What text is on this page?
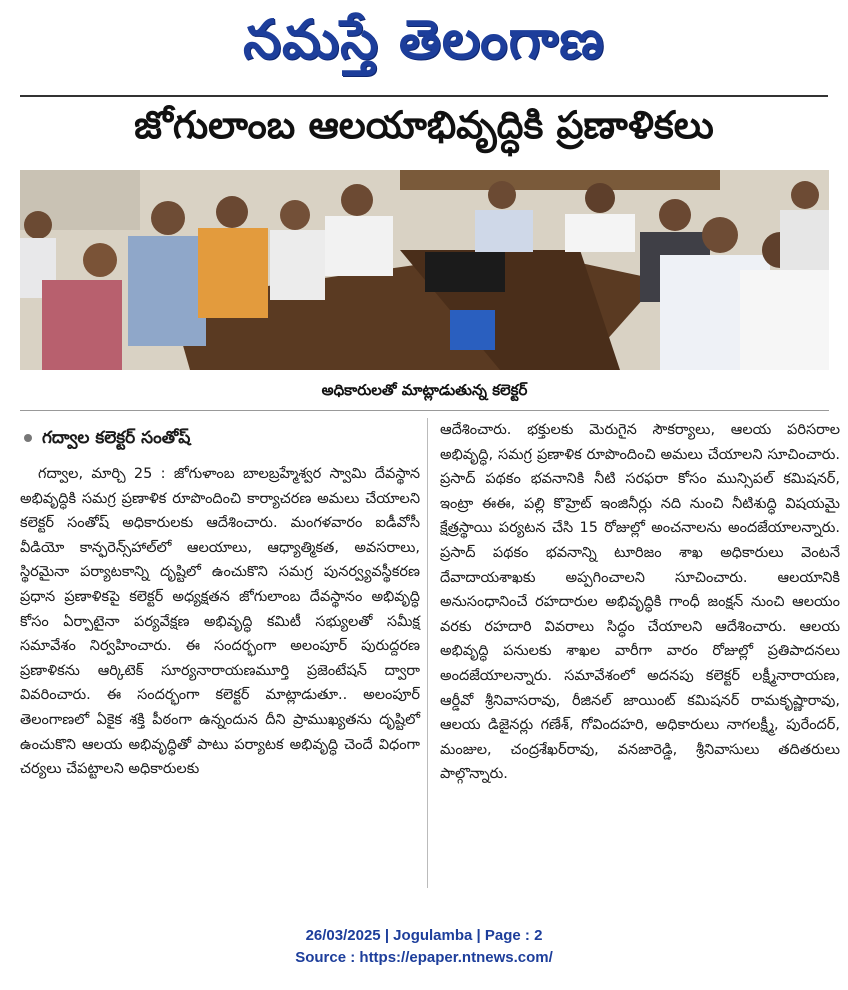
నమస్తే తెలంగాణ
జోగులాంబ ఆలయాభివృద్ధికి ప్రణాళికలు
అధికారులతో మాట్లాడుతున్న కలెక్టర్
గద్వాల కలెక్టర్ సంతోష్

గద్వాల, మార్చి 25 : జోగుళాంబ బాలబ్రహ్మేశ్వర స్వామి దేవస్థాన అభివృద్ధికి సమగ్ర ప్రణాళిక రూపొందించి కార్యాచరణ అమలు చేయాలని కలెక్టర్ సంతోష్ అధికారులకు ఆదేశించారు. మంగళవారం ఐడీవోసీ వీడియో కాన్ఫరెన్స్‌హాల్‌లో ఆలయాలు, ఆధ్యాత్మికత, అవసరాలు, స్థిరమైనా పర్యాటకాన్ని దృష్టిలో ఉంచుకొని సమగ్ర పునర్వ్యవస్థీకరణ ప్రధాన ప్రణాళికపై కలెక్టర్ అధ్యక్షతన జోగులాంబ దేవస్థానం అభివృద్ధి కోసం ఏర్పాటైనా పర్యవేక్షణ అభివృద్ధి కమిటీ సభ్యులతో సమీక్ష సమావేశం నిర్వహించారు. ఈ సందర్భంగా అలంపూర్ పురుద్దరణ ప్రణాళికను ఆర్కిటెక్ సూర్యనారాయణమూర్తి ప్రజెంటేషన్ ద్వారా వివరించారు. ఈ సందర్భంగా కలెక్టర్ మాట్లాడుతూ.. అలంపూర్ తెలంగాణలో ఏకైక శక్తి పీఠంగా ఉన్నందున దీని ప్రాముఖ్యతను దృష్టిలో ఉంచుకొని ఆలయ అభివృద్ధితో పాటు పర్యాటక అభివృద్ధి చెందే విధంగా చర్యలు చేపట్టాలని అధికారులకు

ఆదేశించారు. భక్తులకు మెరుగైన సౌకర్యాలు, ఆలయ పరిసరాల అభివృద్ధి, సమగ్ర ప్రణాళిక రూపొందించి అమలు చేయాలని సూచించారు. ప్రసాద్ పథకం భవనానికి నీటి సరఫరా కోసం మున్సిపల్ కమిషనర్, ఇంట్రా ఈఈ, పల్లి కొహ్రెట్ ఇంజినీర్లు నది నుంచి నీటిశుద్ధి విషయమై క్షేత్రస్థాయి పర్యటన చేసి 15 రోజుల్లో అంచనాలను అందజేయాలన్నారు. ప్రసాద్ పథకం భవనాన్ని టూరిజం శాఖ అధికారులు వెంటనే దేవాదాయశాఖకు అప్పగించాలని సూచించారు. ఆలయానికి అనుసంధానించే రహదారుల అభివృద్ధికి గాంధీ జంక్షన్ నుంచి ఆలయం వరకు రహదారి వివరాలు సిద్ధం చేయాలని ఆదేశించారు. ఆలయ అభివృద్ధి పనులకు శాఖల వారీగా వారం రోజుల్లో ప్రతిపాదనలు అందజేయాలన్నారు. సమావేశంలో అదనపు కలెక్టర్ లక్ష్మీనారాయణ, ఆర్డీవో శ్రీనివాసరావు, రీజినల్ జాయింట్ కమిషనర్ రామకృష్ణారావు, ఆలయ డిజైనర్లు గణేశ్, గోవిందహరి, అధికారులు నాగలక్ష్మీ, పురేందర్, మంజుల, చంద్రశేఖర్‌రావు, వనజారెడ్డి, శ్రీనివాసులు తదితరులు పాల్గొన్నారు.

26/03/2025 | Jogulamba | Page : 2
Source : https://epaper.ntnews.com/
